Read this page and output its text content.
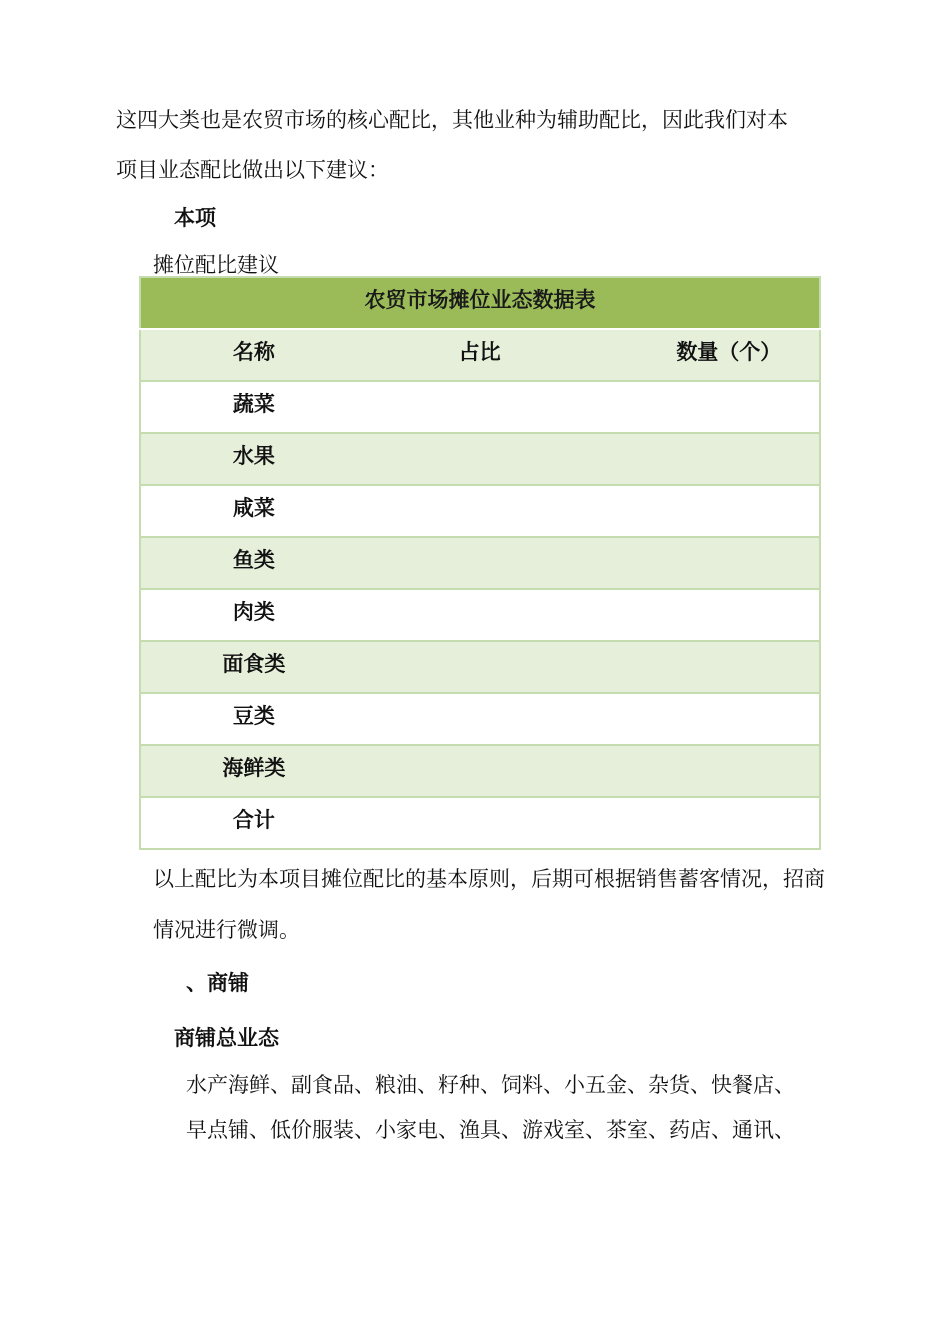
这四大类也是农贸市场的核心配比，其他业种为辅助配比，因此我们对本
项目业态配比做出以下建议：
本项
摊位配比建议
农贸市场摊位业态数据表		

名称	占比	数量（个）

蔬菜		

水果		

咸菜		

鱼类		

肉类		

面食类		

豆类		

海鲜类		

合计		

以上配比为本项目摊位配比的基本原则，后期可根据销售蓄客情况，招商
情况进行微调。
、商铺
商铺总业态
水产海鲜、副食品、粮油、籽种、饲料、小五金、杂货、快餐店、
早点铺、低价服装、小家电、渔具、游戏室、茶室、药店、通讯、
